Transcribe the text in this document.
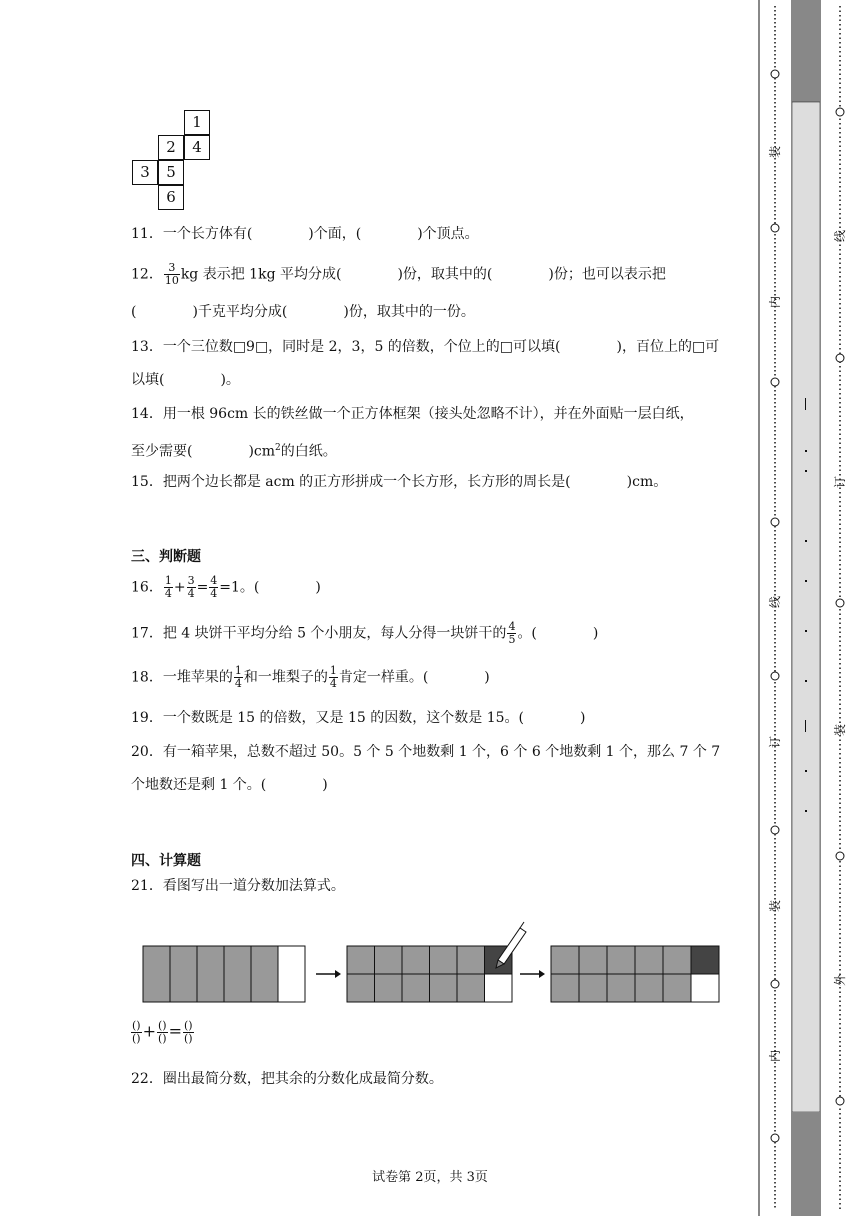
1
2	4
3	5
6
11．一个长方体有(　　　　)个面，(　　　　)个顶点。
12． $\frac{3}{10}$ kg 表示把 1kg 平均分成(　　　　)份，取其中的(　　　　)份；也可以表示把
(　　　　)千克平均分成(　　　　)份，取其中的一份。
13．一个三位数□9□，同时是 2，3，5 的倍数，个位上的□可以填(　　　　)，百位上的□可
以填(　　　　)。
14．用一根 96cm 长的铁丝做一个正方体框架（接头处忽略不计），并在外面贴一层白纸，
至少需要(　　　　)$cm^2$的白纸。
15．把两个边长都是 acm 的正方形拼成一个长方形，长方形的周长是(　　　　)cm。
三、判断题
16． $\frac{1}{4} + \frac{3}{4} = \frac{4}{4} =1$。(　　　　)
17．把 4 块饼干平均分给 5 个小朋友，每人分得一块饼干的 $\frac{4}{5}$ 。(　　　　)
18．一堆苹果的 $\frac{1}{4}$ 和一堆梨子的 $\frac{1}{4}$ 肯定一样重。(　　　　)
19．一个数既是 15 的倍数，又是 15 的因数，这个数是 15。(　　　　)
20．有一箱苹果，总数不超过 50。5 个 5 个地数剩 1 个，6 个 6 个地数剩 1 个，那么 7 个 7
个地数还是剩 1 个。(　　　　)
四、计算题
21．看图写出一道分数加法算式。
$\frac{()}{()} + \frac{()}{()} = \frac{()}{()}$
22．圈出最简分数，把其余的分数化成最简分数。
试卷第 2页，共 3页
装
内
线
订
装
内
线
订
装
外
